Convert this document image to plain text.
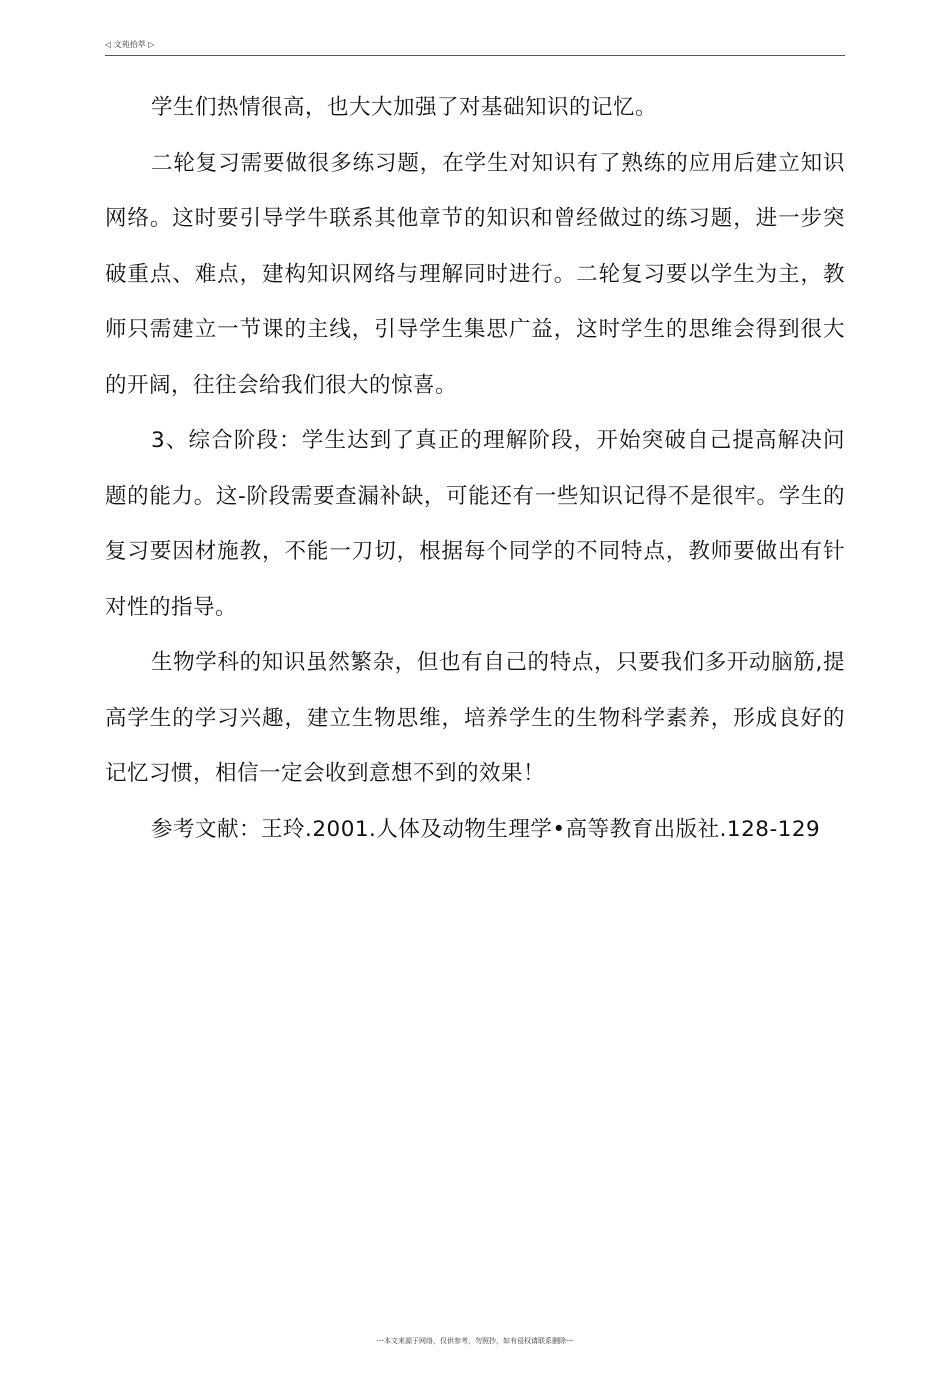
◁ 文苑拾萃 ▷

学生们热情很高，也大大加强了对基础知识的记忆。

二轮复习需要做很多练习题，在学生对知识有了熟练的应用后建立知识网络。这时要引导学牛联系其他章节的知识和曾经做过的练习题，进一步突破重点、难点，建构知识网络与理解同时进行。二轮复习要以学生为主，教师只需建立一节课的主线，引导学生集思广益，这时学生的思维会得到很大的开阔，往往会给我们很大的惊喜。

3、综合阶段：学生达到了真正的理解阶段，开始突破自己提高解决问题的能力。这-阶段需要查漏补缺，可能还有一些知识记得不是很牢。学生的复习要因材施教，不能一刀切，根据每个同学的不同特点，教师要做出有针对性的指导。

生物学科的知识虽然繁杂，但也有自己的特点，只要我们多开动脑筋,提高学生的学习兴趣，建立生物思维，培养学生的生物科学素养，形成良好的记忆习惯，相信一定会收到意想不到的效果！

参考文献：王玲.2001.人体及动物生理学•高等教育出版社.128-129

---本文来源于网络，仅供参考，勿照抄，如有侵权请联系删除---
